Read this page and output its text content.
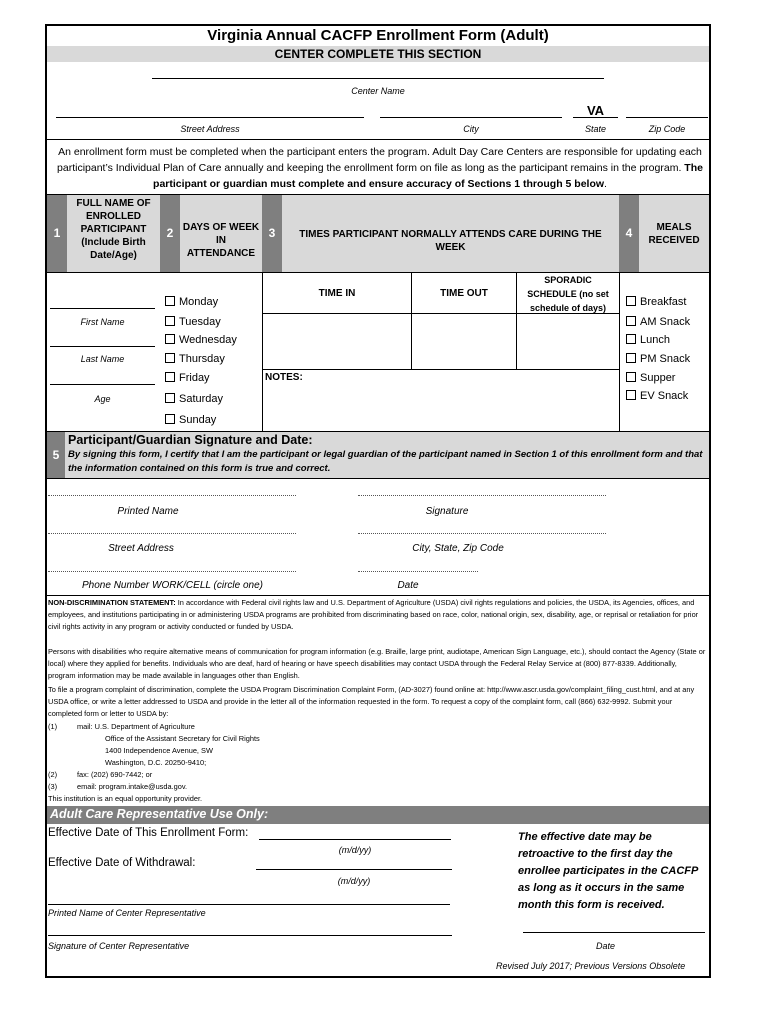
Virginia Annual CACFP Enrollment Form (Adult)
CENTER COMPLETE THIS SECTION
Center Name
VA
Street Address	City	State	Zip Code
An enrollment form must be completed when the participant enters the program. Adult Day Care Centers are responsible for updating each participant’s Individual Plan of Care annually and keeping the enrollment form on file as long as the participant remains in the program. The participant or guardian must complete and ensure accuracy of Sections 1 through 5 below.
1
FULL NAME OF ENROLLED PARTICIPANT (Include Birth Date/Age)
2 DAYS OF WEEK IN ATTENDANCE
3	TIMES PARTICIPANT NORMALLY ATTENDS CARE DURING THE WEEK
4	MEALS RECEIVED
First Name
Last Name
Age
Monday
Tuesday
Wednesday
Thursday
Friday
Saturday
Sunday
TIME IN	TIME OUT
SPORADIC SCHEDULE (no set schedule of days)
NOTES:
Breakfast
AM Snack
Lunch
PM Snack
Supper
EV Snack
5
Participant/Guardian Signature and Date:
By signing this form, I certify that I am the participant or legal guardian of the participant named in Section 1 of this enrollment form and that the information contained on this form is true and correct.
Printed Name	Signature
Street Address	City, State, Zip Code
Phone Number WORK/CELL (circle one)	Date
NON-DISCRIMINATION STATEMENT: In accordance with Federal civil rights law and U.S. Department of Agriculture (USDA) civil rights regulations and policies, the USDA, its Agencies, offices, and employees, and institutions participating in or administering USDA programs are prohibited from discriminating based on race, color, national origin, sex, disability, age, or reprisal or retaliation for prior civil rights activity in any program or activity conducted or funded by USDA.
Persons with disabilities who require alternative means of communication for program information (e.g. Braille, large print, audiotape, American Sign Language, etc.), should contact the Agency (State or local) where they applied for benefits. Individuals who are deaf, hard of hearing or have speech disabilities may contact USDA through the Federal Relay Service at (800) 877-8339. Additionally, program information may be made available in languages other than English.
To file a program complaint of discrimination, complete the USDA Program Discrimination Complaint Form, (AD-3027) found online at: http://www.ascr.usda.gov/complaint_filing_cust.html, and at any USDA office, or write a letter addressed to USDA and provide in the letter all of the information requested in the form. To request a copy of the complaint form, call (866) 632-9992. Submit your completed form or letter to USDA by:
(1)	mail: U.S. Department of Agriculture
Office of the Assistant Secretary for Civil Rights
1400 Independence Avenue, SW
Washington, D.C. 20250-9410;
(2)	fax: (202) 690-7442; or
(3)	email: program.intake@usda.gov.
This institution is an equal opportunity provider.
Adult Care Representative Use Only:
Effective Date of This Enrollment Form:
(m/d/yy)
Effective Date of Withdrawal:
(m/d/yy)
The effective date may be retroactive to the first day the enrollee participates in the CACFP as long as it occurs in the same month this form is received.
Printed Name of Center Representative
Signature of Center Representative	Date
Revised July 2017; Previous Versions Obsolete
